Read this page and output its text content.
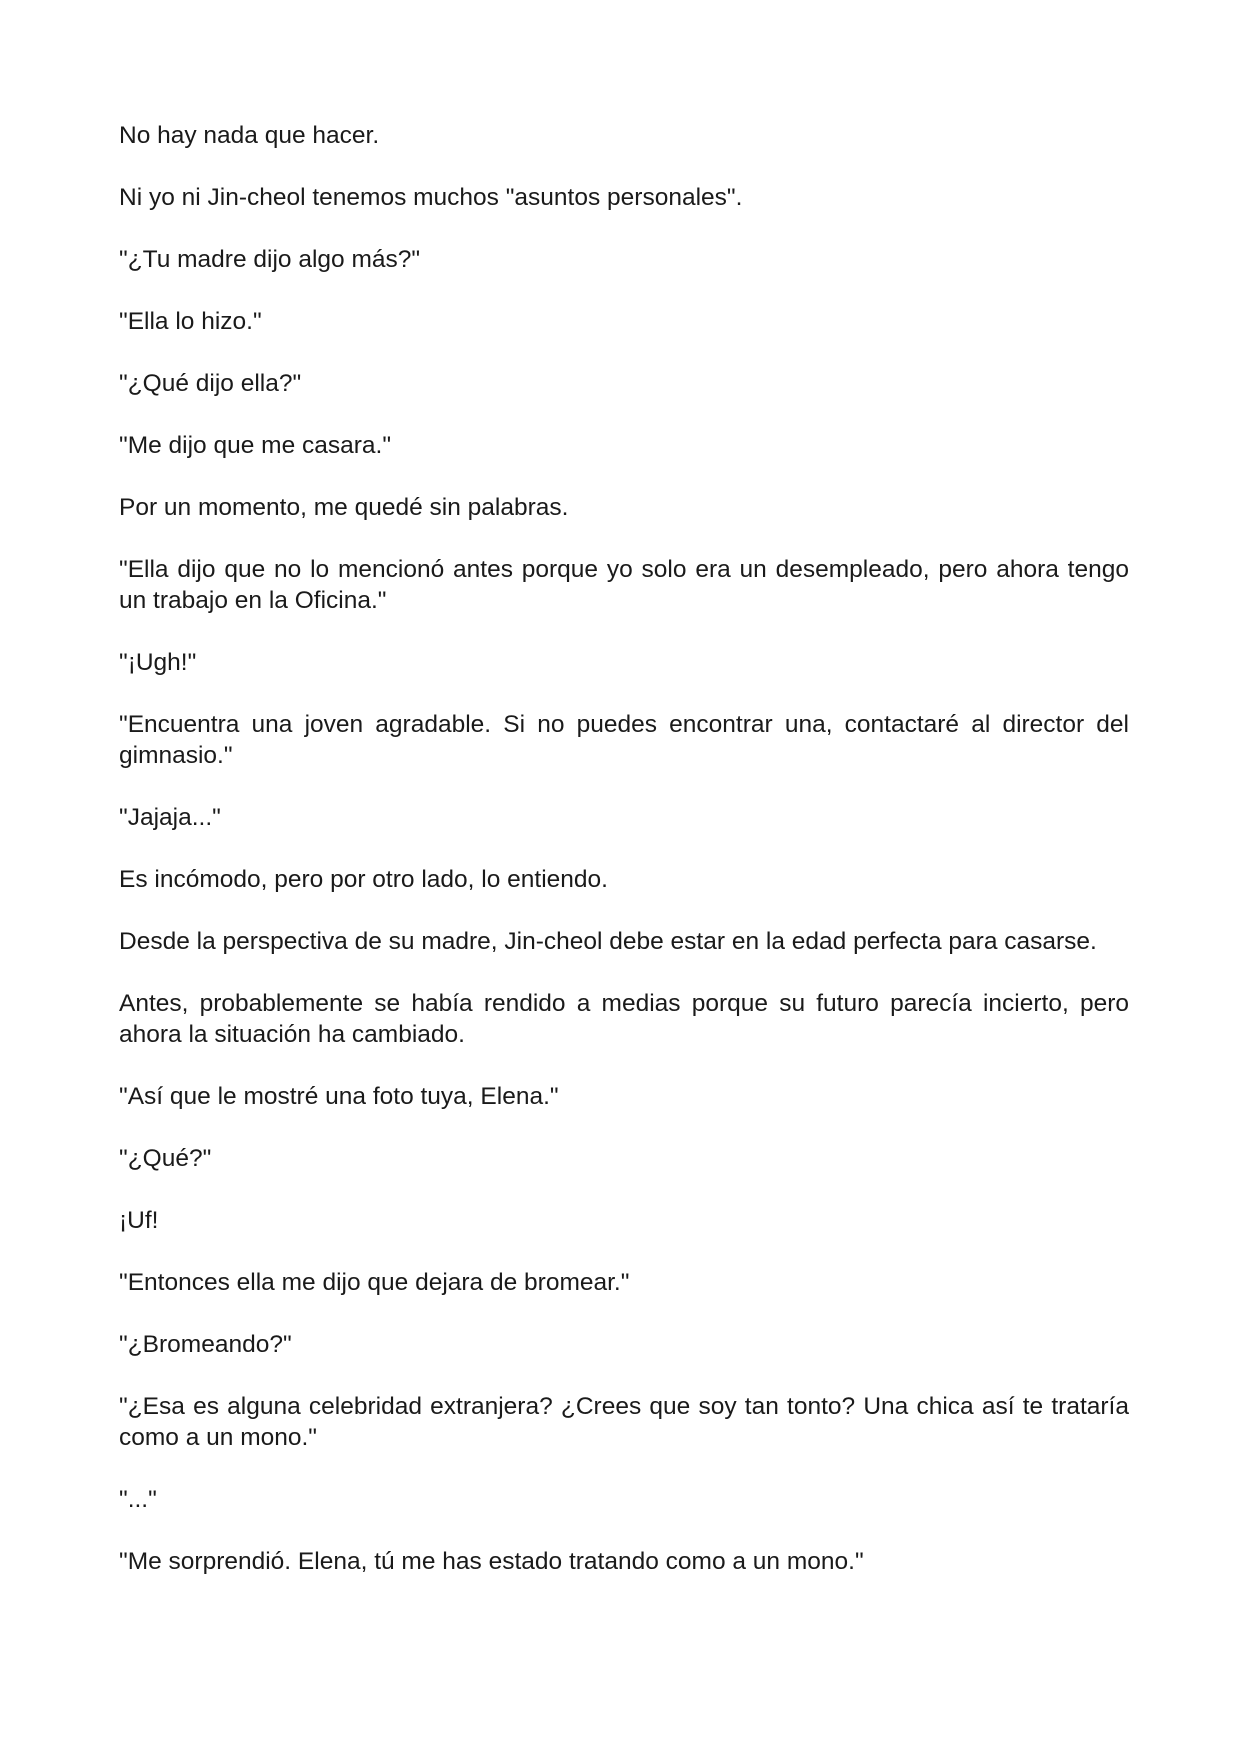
No hay nada que hacer.

Ni yo ni Jin-cheol tenemos muchos "asuntos personales".

"¿Tu madre dijo algo más?"

"Ella lo hizo."

"¿Qué dijo ella?"

"Me dijo que me casara."

Por un momento, me quedé sin palabras.

"Ella dijo que no lo mencionó antes porque yo solo era un desempleado, pero ahora tengo un trabajo en la Oficina."

"¡Ugh!"

"Encuentra una joven agradable. Si no puedes encontrar una, contactaré al director del gimnasio."

"Jajaja..."

Es incómodo, pero por otro lado, lo entiendo.

Desde la perspectiva de su madre, Jin-cheol debe estar en la edad perfecta para casarse.

Antes, probablemente se había rendido a medias porque su futuro parecía incierto, pero ahora la situación ha cambiado.

"Así que le mostré una foto tuya, Elena."

"¿Qué?"

¡Uf!

"Entonces ella me dijo que dejara de bromear."

"¿Bromeando?"

"¿Esa es alguna celebridad extranjera? ¿Crees que soy tan tonto? Una chica así te trataría como a un mono."

"..."

"Me sorprendió. Elena, tú me has estado tratando como a un mono."
